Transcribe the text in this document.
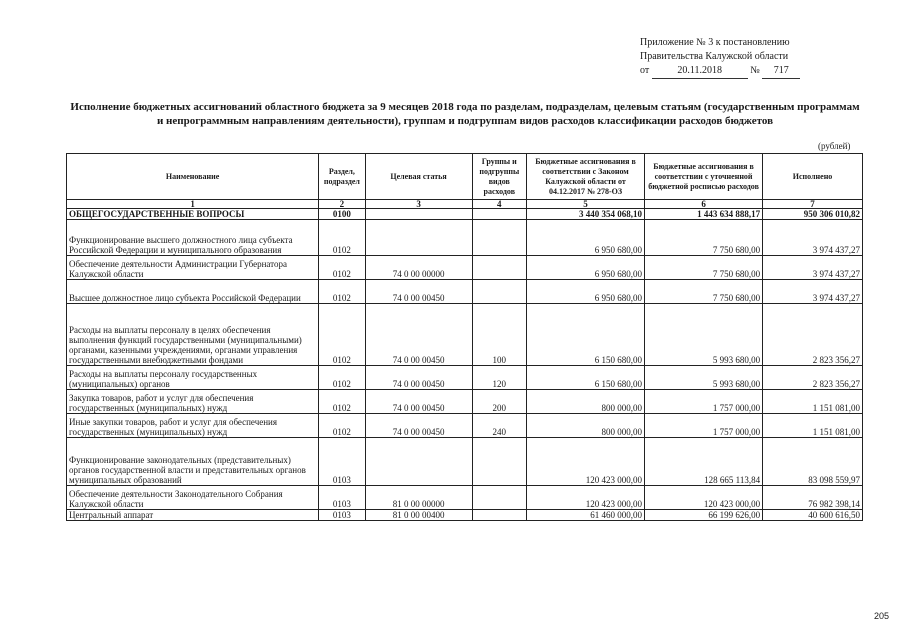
Приложение № 3 к постановлению
Правительства Калужской области
от	20.11.2018	№ 717
Исполнение бюджетных ассигнований областного бюджета за 9 месяцев 2018 года по разделам, подразделам, целевым статьям (государственным программам и непрограммным направлениям деятельности), группам и подгруппам видов расходов классификации расходов бюджетов
(рублей)
Наименование	Раздел, подраздел	Целевая статья	Группы и подгруппы видов расходов	Бюджетные ассигнования в соответствии с Законом Калужской области от 04.12.2017 № 278-ОЗ	Бюджетные ассигнования в соответствии с уточненной бюджетной росписью расходов	Исполнено
1	2	3	4	5	6	7
ОБЩЕГОСУДАРСТВЕННЫЕ ВОПРОСЫ	0100			3 440 354 068,10	1 443 634 888,17	950 306 010,82
Функционирование высшего должностного лица субъекта Российской Федерации и муниципального образования	0102			6 950 680,00	7 750 680,00	3 974 437,27
Обеспечение деятельности Администрации Губернатора Калужской области	0102	74 0 00 00000		6 950 680,00	7 750 680,00	3 974 437,27
Высшее должностное лицо субъекта Российской Федерации	0102	74 0 00 00450		6 950 680,00	7 750 680,00	3 974 437,27
Расходы на выплаты персоналу в целях обеспечения выполнения функций государственными (муниципальными) органами, казенными учреждениями, органами управления государственными внебюджетными фондами	0102	74 0 00 00450	100	6 150 680,00	5 993 680,00	2 823 356,27
Расходы на выплаты персоналу государственных (муниципальных) органов	0102	74 0 00 00450	120	6 150 680,00	5 993 680,00	2 823 356,27
Закупка товаров, работ и услуг для обеспечения государственных (муниципальных) нужд	0102	74 0 00 00450	200	800 000,00	1 757 000,00	1 151 081,00
Иные закупки товаров, работ и услуг для обеспечения государственных (муниципальных) нужд	0102	74 0 00 00450	240	800 000,00	1 757 000,00	1 151 081,00
Функционирование законодательных (представительных) органов государственной власти и представительных органов муниципальных образований	0103			120 423 000,00	128 665 113,84	83 098 559,97
Обеспечение деятельности Законодательного Собрания Калужской области	0103	81 0 00 00000		120 423 000,00	120 423 000,00	76 982 398,14
Центральный аппарат	0103	81 0 00 00400		61 460 000,00	66 199 626,00	40 600 616,50
205
